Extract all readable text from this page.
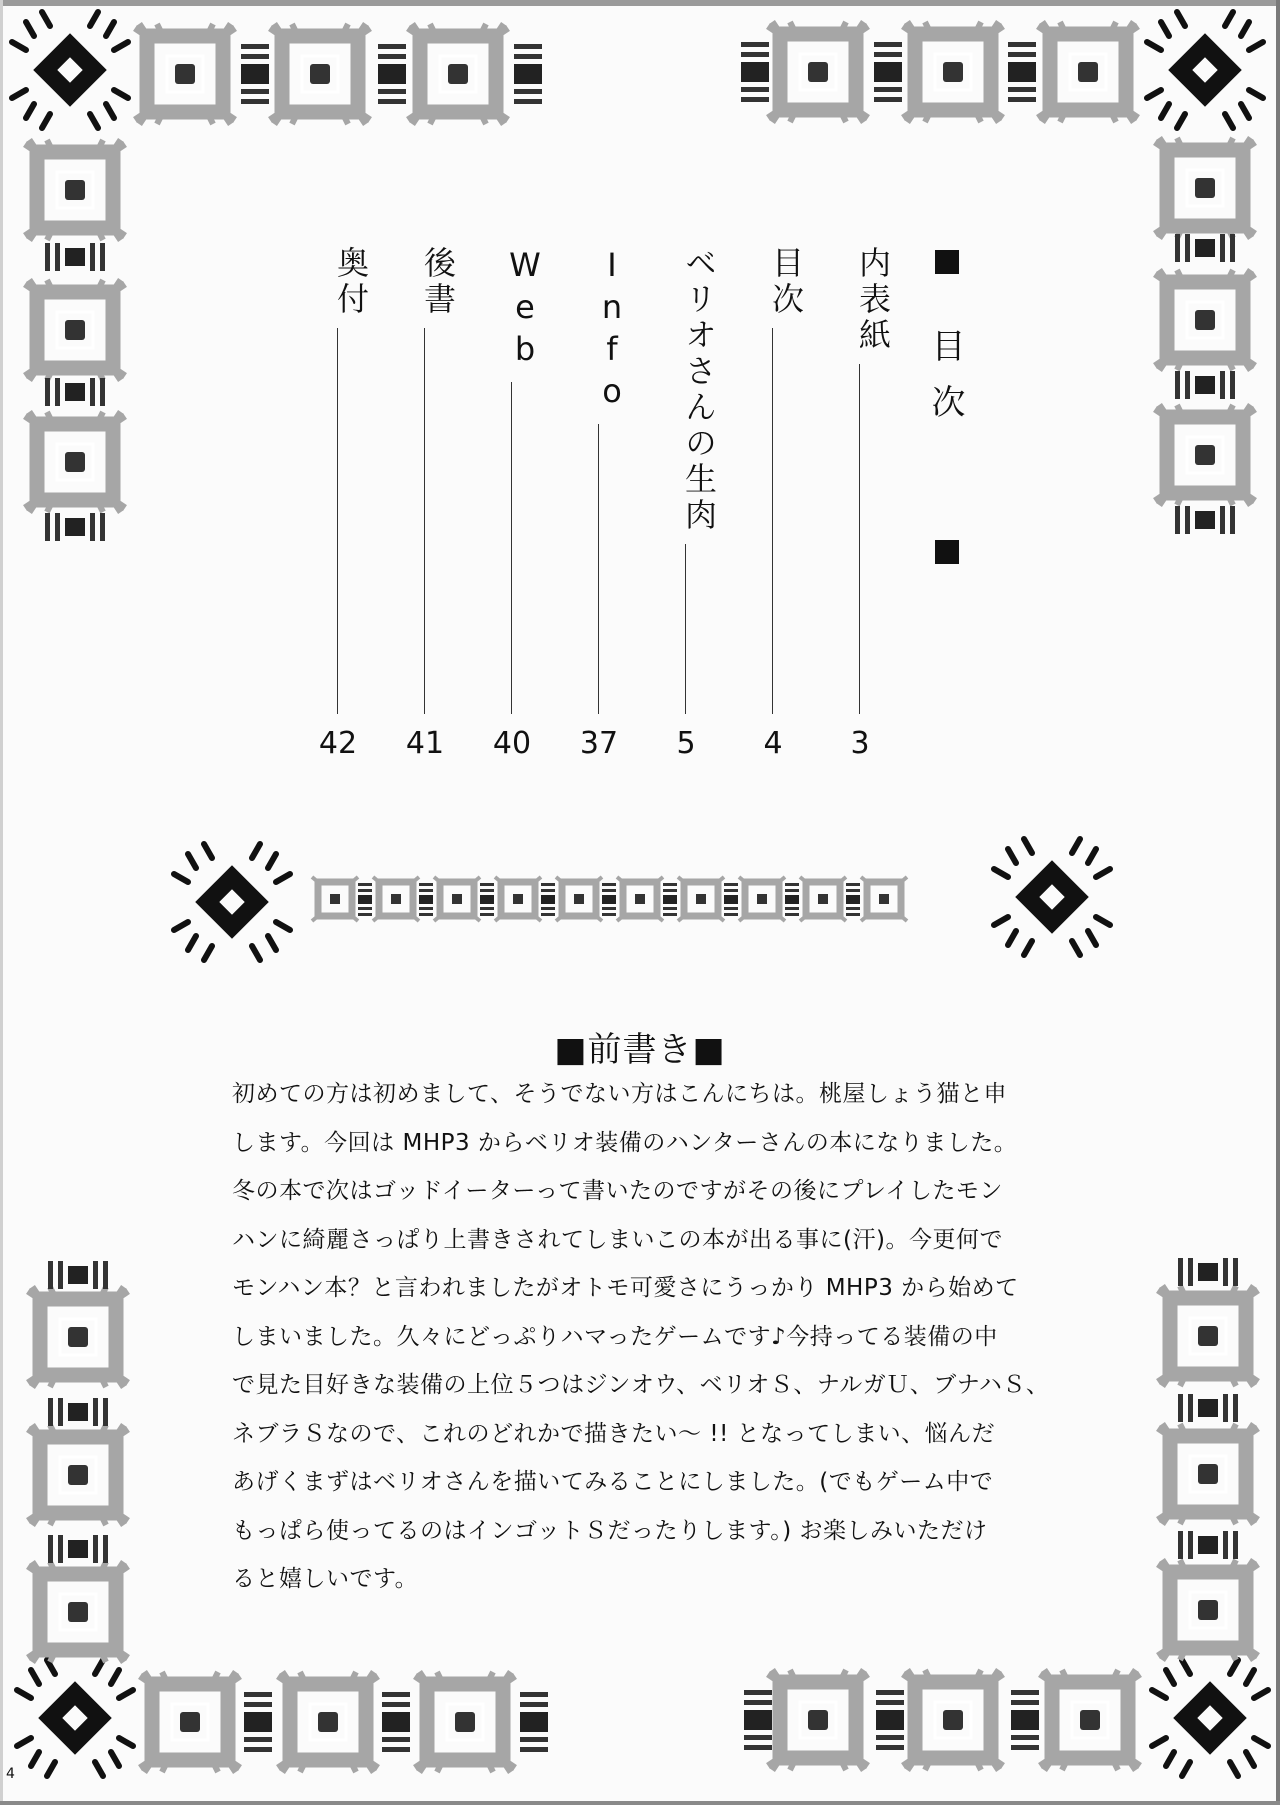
目次
内表紙
3
目次
4
ベリオさんの生肉
5
Info
37
Web
40
後書
41
奥付
42
■前書き■
初めての方は初めまして、そうでない方はこんにちは。桃屋しょう猫と申
します。今回は MHP3 からベリオ装備のハンターさんの本になりました。
冬の本で次はゴッドイーターって書いたのですがその後にプレイしたモン
ハンに綺麗さっぱり上書きされてしまいこの本が出る事に(汗)。今更何で
モンハン本？と言われましたがオトモ可愛さにうっかり MHP3 から始めて
しまいました。久々にどっぷりハマったゲームです♪今持ってる装備の中
で見た目好きな装備の上位５つはジンオウ、ベリオＳ、ナルガＵ、ブナハＳ、
ネブラＳなので、これのどれかで描きたい～ !! となってしまい、悩んだ
あげくまずはベリオさんを描いてみることにしました。(でもゲーム中で
もっぱら使ってるのはインゴットＳだったりします。) お楽しみいただけ
ると嬉しいです。
4
